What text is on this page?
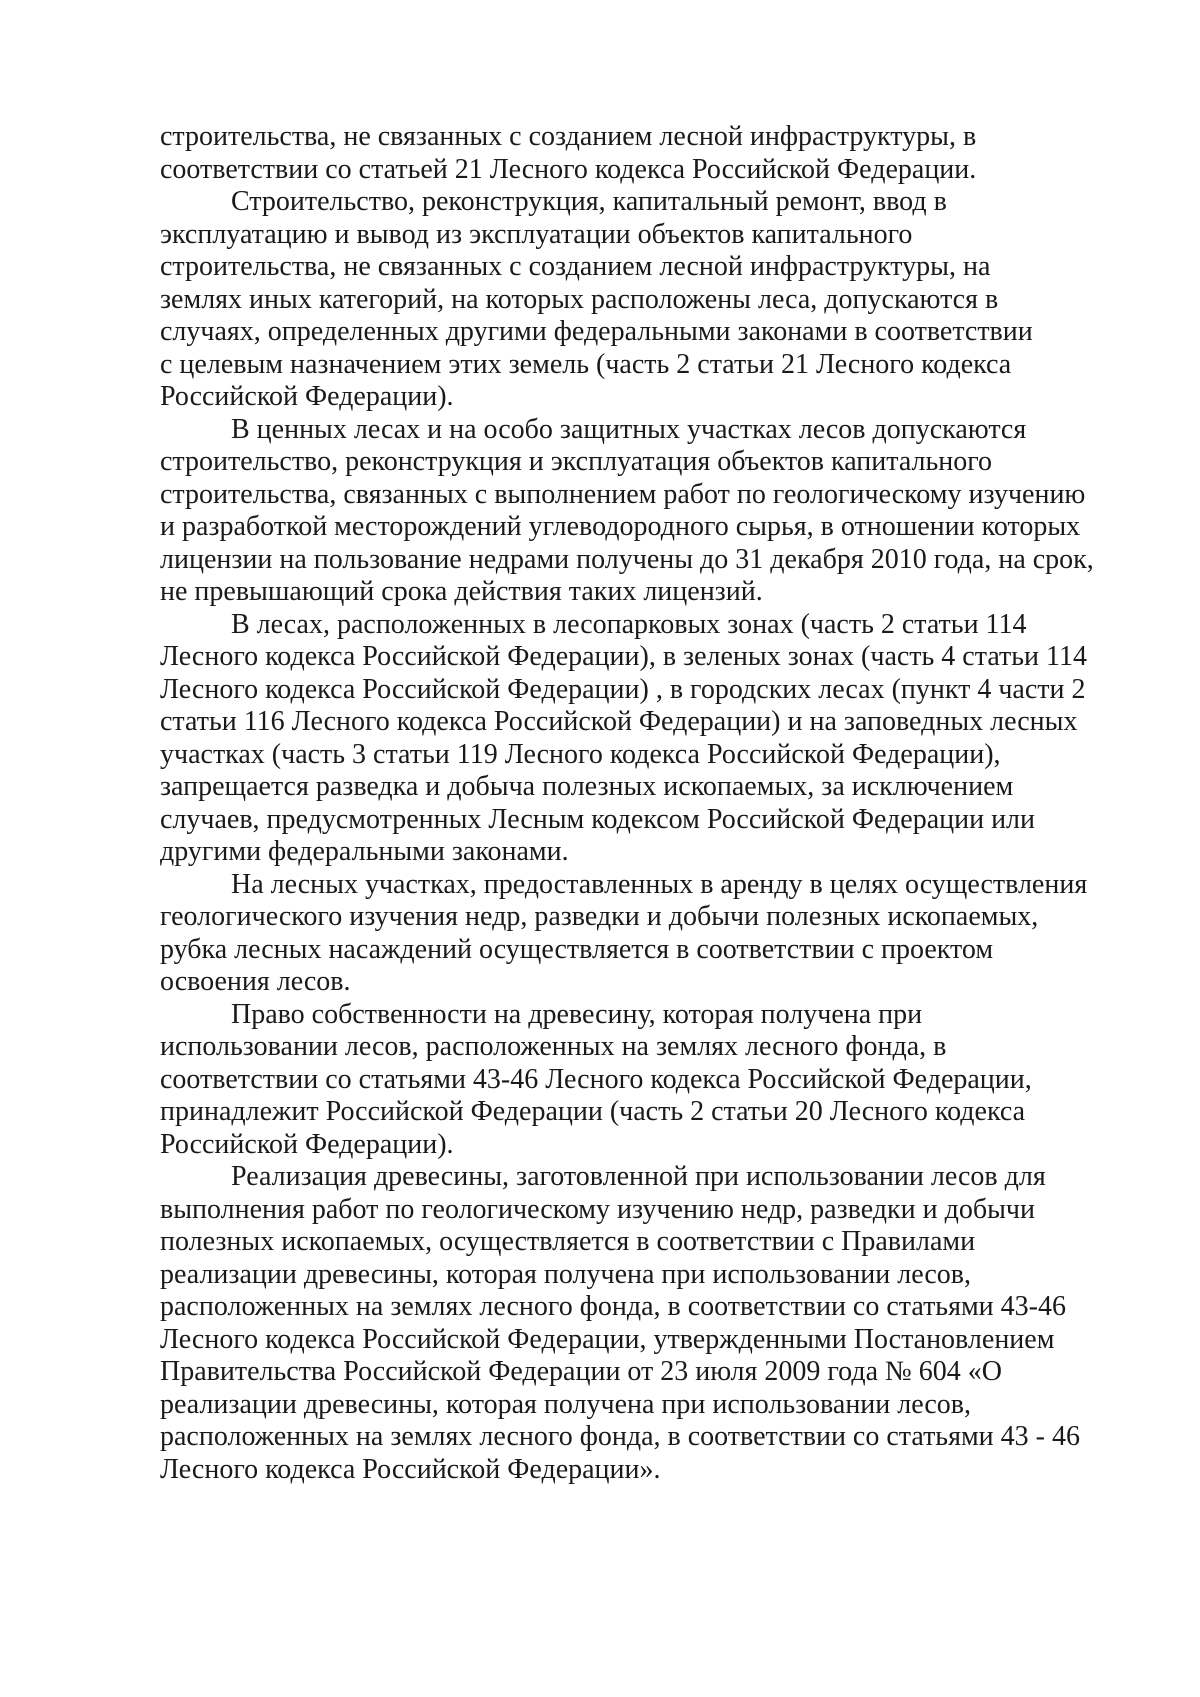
строительства, не связанных с созданием лесной инфраструктуры, в
соответствии со статьей 21 Лесного кодекса Российской Федерации.

Строительство, реконструкция, капитальный ремонт, ввод в
эксплуатацию и вывод из эксплуатации объектов капитального
строительства, не связанных с созданием лесной инфраструктуры, на
землях иных категорий, на которых расположены леса, допускаются в
случаях, определенных другими федеральными законами в соответствии
с целевым назначением этих земель (часть 2 статьи 21 Лесного кодекса
Российской Федерации).

В ценных лесах и на особо защитных участках лесов допускаются
строительство, реконструкция и эксплуатация объектов капитального
строительства, связанных с выполнением работ по геологическому изучению
и разработкой месторождений углеводородного сырья, в отношении которых
лицензии на пользование недрами получены до 31 декабря 2010 года, на срок,
не превышающий срока действия таких лицензий.

В лесах, расположенных в лесопарковых зонах (часть 2 статьи 114
Лесного кодекса Российской Федерации), в зеленых зонах (часть 4 статьи 114
Лесного кодекса Российской Федерации) , в городских лесах (пункт 4 части 2
статьи 116 Лесного кодекса Российской Федерации) и на заповедных лесных
участках (часть 3 статьи 119 Лесного кодекса Российской Федерации),
запрещается разведка и добыча полезных ископаемых, за исключением
случаев, предусмотренных Лесным кодексом Российской Федерации или
другими федеральными законами.

На лесных участках, предоставленных в аренду в целях осуществления
геологического изучения недр, разведки и добычи полезных ископаемых,
рубка лесных насаждений осуществляется в соответствии с проектом
освоения лесов.

Право собственности на древесину, которая получена при
использовании лесов, расположенных на землях лесного фонда, в
соответствии со статьями 43-46 Лесного кодекса Российской Федерации,
принадлежит Российской Федерации (часть 2 статьи 20 Лесного кодекса
Российской Федерации).

Реализация древесины, заготовленной при использовании лесов для
выполнения работ по геологическому изучению недр, разведки и добычи
полезных ископаемых, осуществляется в соответствии с Правилами
реализации древесины, которая получена при использовании лесов,
расположенных на землях лесного фонда, в соответствии со статьями 43-46
Лесного кодекса Российской Федерации, утвержденными Постановлением
Правительства Российской Федерации от 23 июля 2009 года № 604 «О
реализации древесины, которая получена при использовании лесов,
расположенных на землях лесного фонда, в соответствии со статьями 43 - 46
Лесного кодекса Российской Федерации».
